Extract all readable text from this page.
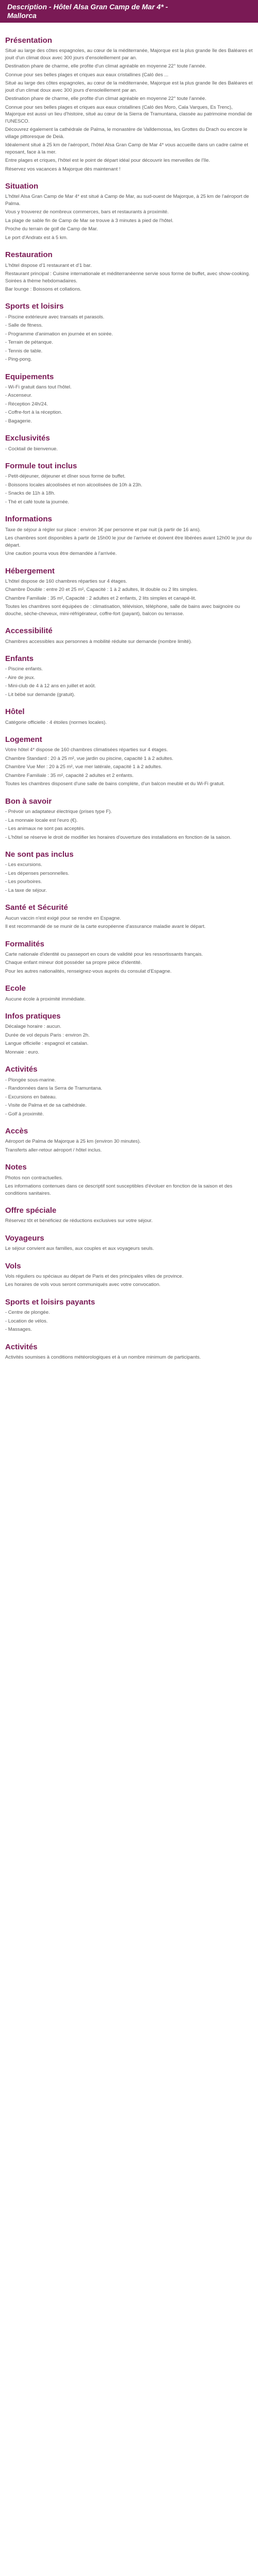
Description - Hôtel Alsa Gran Camp de Mar 4* -
Mallorca
Présentation

Situé au large des côtes espagnoles, au cœur de la méditerranée, Majorque est la plus grande île des Baléares et jouit d'un climat doux avec 300 jours d'ensoleillement par an.

Destination phare de charme, elle profite d'un climat agréable en moyenne 22° toute l'année.

Connue pour ses belles plages et criques aux eaux cristallines (Caló des ...

Situé au large des côtes espagnoles, au cœur de la méditerranée, Majorque est la plus grande île des Baléares et jouit d'un climat doux avec 300 jours d'ensoleillement par an.

Destination phare de charme, elle profite d'un climat agréable en moyenne 22° toute l'année.

Connue pour ses belles plages et criques aux eaux cristallines (Caló des Moro, Cala Varques, Es Trenc), Majorque est aussi un lieu d'histoire, situé au cœur de la Sierra de Tramuntana, classée au patrimoine mondial de l'UNESCO.

Découvrez également la cathédrale de Palma, le monastère de Valldemossa, les Grottes du Drach ou encore le village pittoresque de Deià.

Idéalement situé à 25 km de l'aéroport, l'hôtel Alsa Gran Camp de Mar 4* vous accueille dans un cadre calme et reposant, face à la mer.

Entre plages et criques, l'hôtel est le point de départ idéal pour découvrir les merveilles de l'île.

Réservez vos vacances à Majorque dès maintenant !

Situation

L'hôtel Alsa Gran Camp de Mar 4* est situé à Camp de Mar, au sud-ouest de Majorque, à 25 km de l'aéroport de Palma.

Vous y trouverez de nombreux commerces, bars et restaurants à proximité.

La plage de sable fin de Camp de Mar se trouve à 3 minutes à pied de l'hôtel.

Proche du terrain de golf de Camp de Mar.

Le port d'Andratx est à 5 km.

Restauration

L'hôtel dispose d'1 restaurant et d'1 bar.

Restaurant principal : Cuisine internationale et méditerranéenne servie sous forme de buffet, avec show-cooking. Soirées à thème hebdomadaires.

Bar lounge : Boissons et collations.

Sports et loisirs

- Piscine extérieure avec transats et parasols.

- Salle de fitness.

- Programme d'animation en journée et en soirée.

- Terrain de pétanque.

- Tennis de table.

- Ping-pong.

Equipements

- Wi-Fi gratuit dans tout l'hôtel.

- Ascenseur.

- Réception 24h/24.

- Coffre-fort à la réception.

- Bagagerie.

Exclusivités

- Cocktail de bienvenue.

Formule tout inclus

- Petit-déjeuner, déjeuner et dîner sous forme de buffet.

- Boissons locales alcoolisées et non alcoolisées de 10h à 23h.

- Snacks de 11h à 18h.

- Thé et café toute la journée.

Informations

Taxe de séjour à régler sur place : environ 3€ par personne et par nuit (à partir de 16 ans).

Les chambres sont disponibles à partir de 15h00 le jour de l'arrivée et doivent être libérées avant 12h00 le jour du départ.

Une caution pourra vous être demandée à l'arrivée.

Hébergement

L'hôtel dispose de 160 chambres réparties sur 4 étages.

Chambre Double : entre 20 et 25 m², Capacité : 1 à 2 adultes, lit double ou 2 lits simples.

Chambre Familiale : 35 m², Capacité : 2 adultes et 2 enfants, 2 lits simples et canapé-lit.

Toutes les chambres sont équipées de : climatisation, télévision, téléphone, salle de bains avec baignoire ou douche, sèche-cheveux, mini-réfrigérateur, coffre-fort (payant), balcon ou terrasse.

Accessibilité

Chambres accessibles aux personnes à mobilité réduite sur demande (nombre limité).

Enfants

- Piscine enfants.

- Aire de jeux.

- Mini-club de 4 à 12 ans en juillet et août.

- Lit bébé sur demande (gratuit).

Hôtel

Catégorie officielle : 4 étoiles (normes locales).

Logement

Votre hôtel 4* dispose de 160 chambres climatisées réparties sur 4 étages.

Chambre Standard : 20 à 25 m², vue jardin ou piscine, capacité 1 à 2 adultes.

Chambre Vue Mer : 20 à 25 m², vue mer latérale, capacité 1 à 2 adultes.

Chambre Familiale : 35 m², capacité 2 adultes et 2 enfants.

Toutes les chambres disposent d'une salle de bains complète, d'un balcon meublé et du Wi-Fi gratuit.

Bon à savoir

- Prévoir un adaptateur électrique (prises type F).

- La monnaie locale est l'euro (€).

- Les animaux ne sont pas acceptés.

- L'hôtel se réserve le droit de modifier les horaires d'ouverture des installations en fonction de la saison.

Ne sont pas inclus

- Les excursions.

- Les dépenses personnelles.

- Les pourboires.

- La taxe de séjour.

Santé et Sécurité

Aucun vaccin n'est exigé pour se rendre en Espagne.

Il est recommandé de se munir de la carte européenne d'assurance maladie avant le départ.

Formalités

Carte nationale d'identité ou passeport en cours de validité pour les ressortissants français.

Chaque enfant mineur doit posséder sa propre pièce d'identité.

Pour les autres nationalités, renseignez-vous auprès du consulat d'Espagne.

Ecole

Aucune école à proximité immédiate.

Infos pratiques

Décalage horaire : aucun.

Durée de vol depuis Paris : environ 2h.

Langue officielle : espagnol et catalan.

Monnaie : euro.

Activités

- Plongée sous-marine.

- Randonnées dans la Serra de Tramuntana.

- Excursions en bateau.

- Visite de Palma et de sa cathédrale.

- Golf à proximité.

Accès

Aéroport de Palma de Majorque à 25 km (environ 30 minutes).

Transferts aller-retour aéroport / hôtel inclus.

Notes

Photos non contractuelles.

Les informations contenues dans ce descriptif sont susceptibles d'évoluer en fonction de la saison et des conditions sanitaires.

Offre spéciale

Réservez tôt et bénéficiez de réductions exclusives sur votre séjour.

Voyageurs

Le séjour convient aux familles, aux couples et aux voyageurs seuls.

Vols

Vols réguliers ou spéciaux au départ de Paris et des principales villes de province.

Les horaires de vols vous seront communiqués avec votre convocation.

Sports et loisirs payants

- Centre de plongée.

- Location de vélos.

- Massages.

Activités

Activités soumises à conditions météorologiques et à un nombre minimum de participants.
